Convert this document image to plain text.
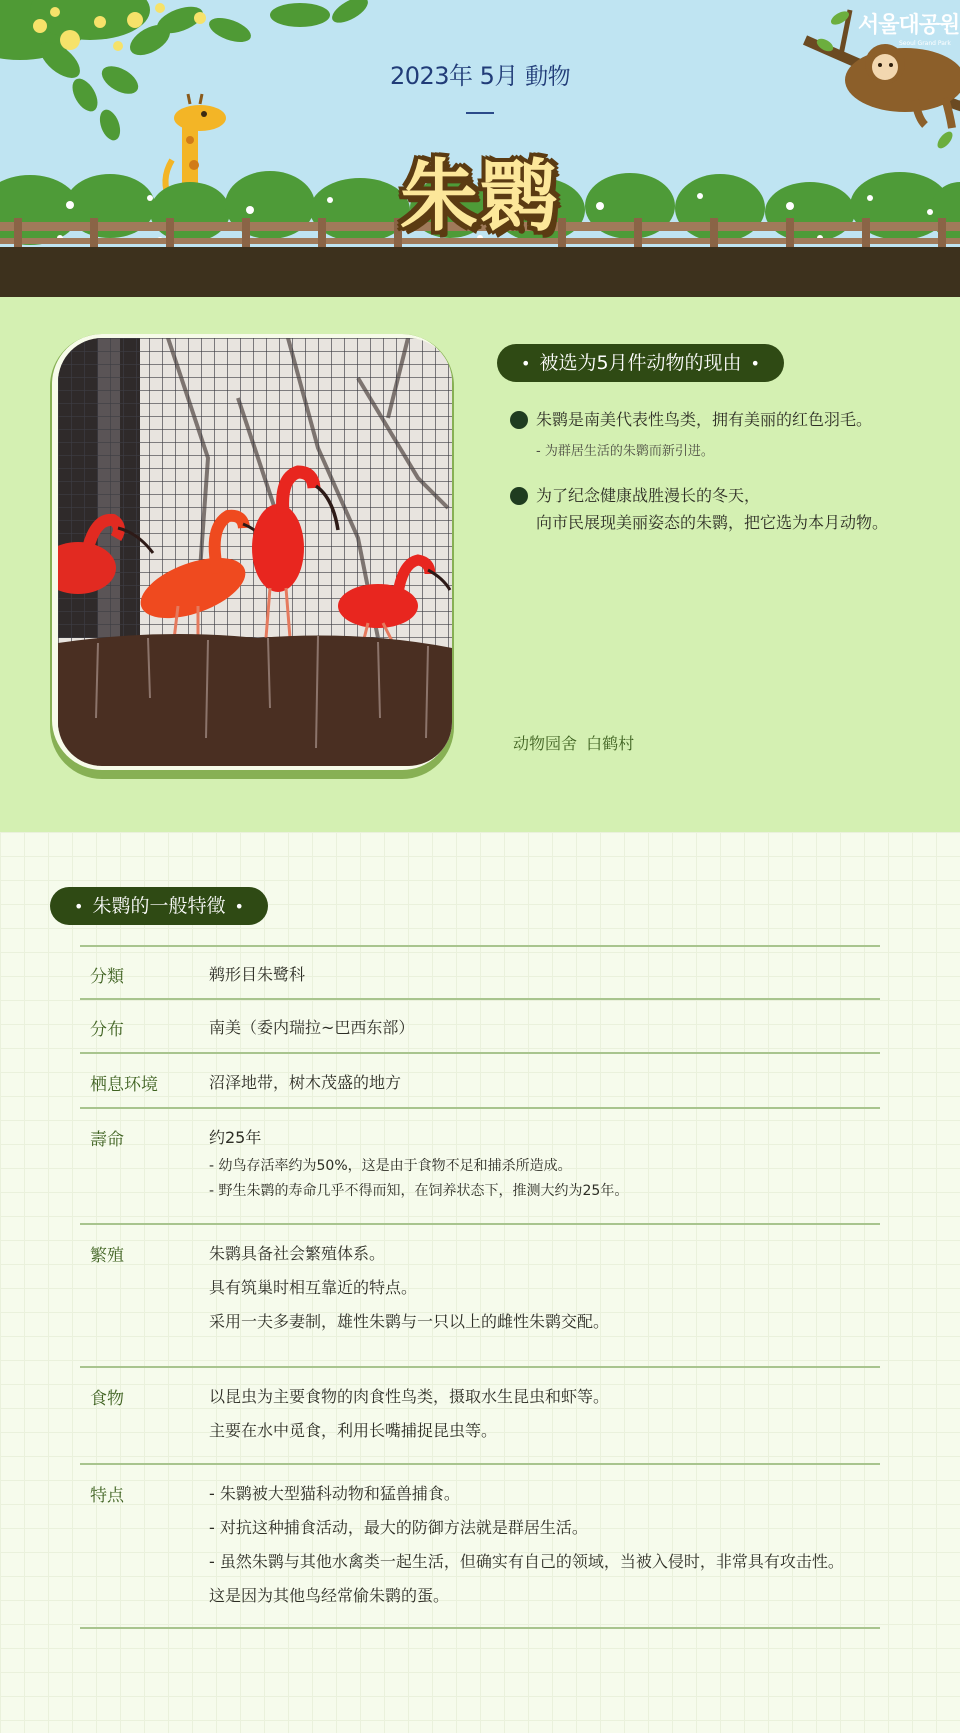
2023年 5月 動物
朱鹮
서울대공원
Seoul Grand Park
• 被选为5月件动物的现由 •
朱鹮是南美代表性鸟类，拥有美丽的红色羽毛。
- 为群居生活的朱鹮而新引进。
为了纪念健康战胜漫长的冬天，
向市民展现美丽姿态的朱鹮，把它选为本月动物。
动物园舍 白鹤村
• 朱鹮的一般特徵 •
分類	鹈形目朱鹭科
分布	南美（委内瑞拉~巴西东部）
栖息环境	沼泽地带，树木茂盛的地方
壽命	约25年
- 幼鸟存活率约为50%，这是由于食物不足和捕杀所造成。
- 野生朱鹮的寿命几乎不得而知，在饲养状态下，推测大约为25年。
繁殖	朱鹮具备社会繁殖体系。
具有筑巢时相互靠近的特点。
采用一夫多妻制，雄性朱鹮与一只以上的雌性朱鹮交配。
食物	以昆虫为主要食物的肉食性鸟类，摄取水生昆虫和虾等。
主要在水中觅食，利用长嘴捕捉昆虫等。
特点	- 朱鹮被大型猫科动物和猛兽捕食。
- 对抗这种捕食活动，最大的防御方法就是群居生活。
- 虽然朱鹮与其他水禽类一起生活，但确实有自己的领域，当被入侵时，非常具有攻击性。
这是因为其他鸟经常偷朱鹮的蛋。
